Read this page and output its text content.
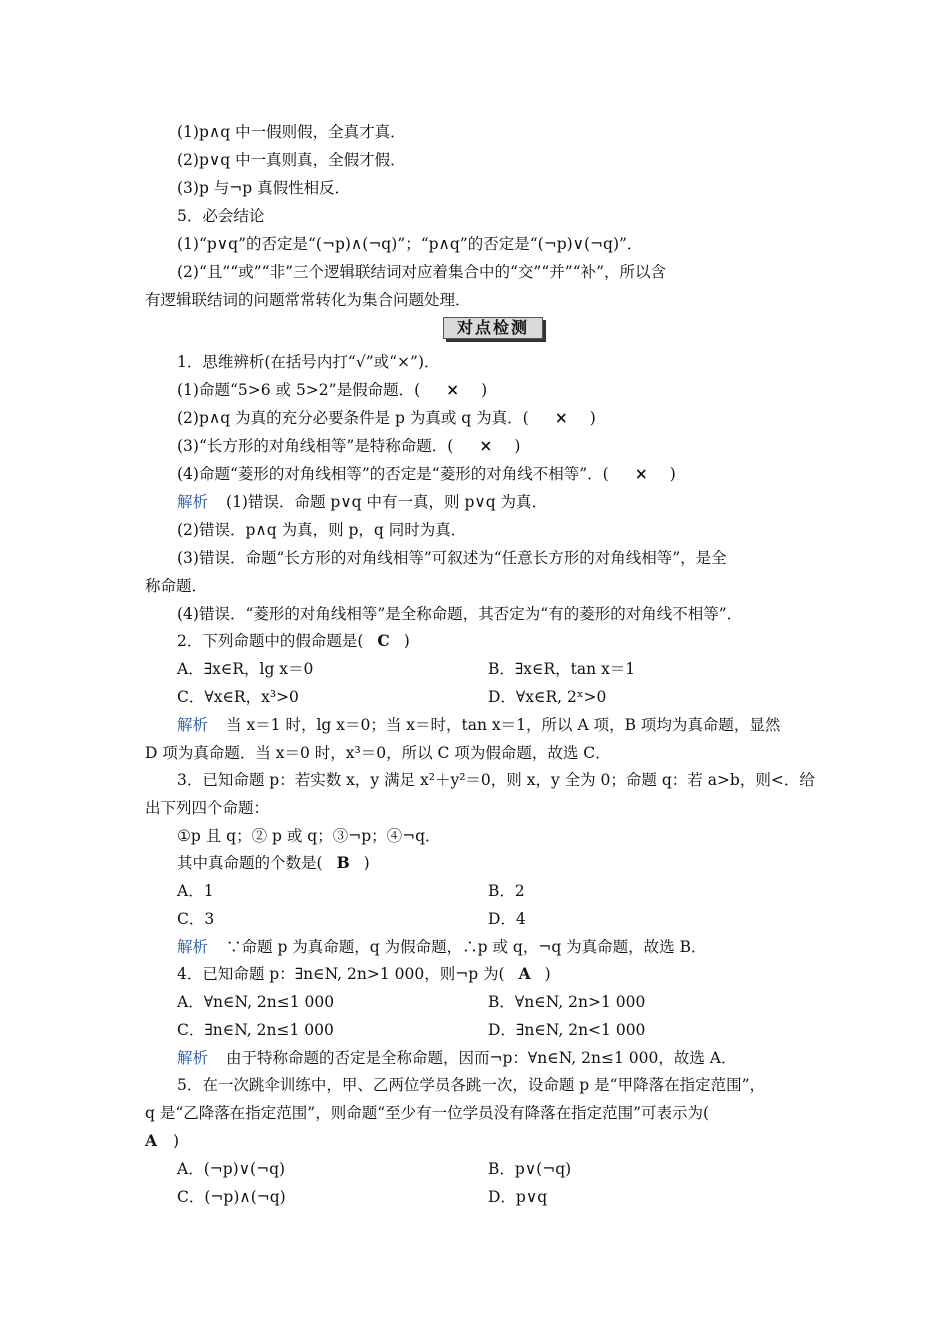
(1)p∧q 中一假则假，全真才真．
(2)p∨q 中一真则真，全假才假．
(3)p 与¬p 真假性相反．
5．必会结论
(1)“p∨q”的否定是“(¬p)∧(¬q)”；“p∧q”的否定是“(¬p)∨(¬q)”．
(2)“且”“或”“非”三个逻辑联结词对应着集合中的“交”“并”“补”，所以含
有逻辑联结词的问题常常转化为集合问题处理．
对点检测
1．思维辨析(在括号内打“√”或“×”)．
(1)命题“5>6 或 5>2”是假命题．( × )
(2)p∧q 为真的充分必要条件是 p 为真或 q 为真．( × )
(3)“长方形的对角线相等”是特称命题．( × )
(4)命题“菱形的对角线相等”的否定是“菱形的对角线不相等”．( × )
解析 (1)错误．命题 p∨q 中有一真，则 p∨q 为真．
(2)错误．p∧q 为真，则 p，q 同时为真．
(3)错误．命题“长方形的对角线相等”可叙述为“任意长方形的对角线相等”，是全
称命题．
(4)错误．“菱形的对角线相等”是全称命题，其否定为“有的菱形的对角线不相等”．
2．下列命题中的假命题是( C )
A．∃x∈R，lg x＝0	B．∃x∈R，tan x＝1
C．∀x∈R，x³>0	D．∀x∈R, 2ˣ>0
解析 当 x＝1 时，lg x＝0；当 x＝时，tan x＝1，所以 A 项，B 项均为真命题，显然
D 项为真命题．当 x＝0 时，x³＝0，所以 C 项为假命题，故选 C．
3．已知命题 p：若实数 x，y 满足 x²＋y²＝0，则 x，y 全为 0；命题 q：若 a>b，则<．给
出下列四个命题：
①p 且 q；② p 或 q；③¬p；④¬q．
其中真命题的个数是( B )
A．1	B．2
C．3	D．4
解析 ∵命题 p 为真命题，q 为假命题，∴p 或 q，¬q 为真命题，故选 B．
4．已知命题 p：∃n∈N, 2n>1 000，则¬p 为( A )
A．∀n∈N, 2n≤1 000	B．∀n∈N, 2n>1 000
C．∃n∈N, 2n≤1 000	D．∃n∈N, 2n<1 000
解析 由于特称命题的否定是全称命题，因而¬p：∀n∈N, 2n≤1 000，故选 A．
5．在一次跳伞训练中，甲、乙两位学员各跳一次，设命题 p 是“甲降落在指定范围”，
q 是“乙降落在指定范围”，则命题“至少有一位学员没有降落在指定范围”可表示为(
A )
A．(¬p)∨(¬q)	B．p∨(¬q)
C．(¬p)∧(¬q)	D．p∨q
